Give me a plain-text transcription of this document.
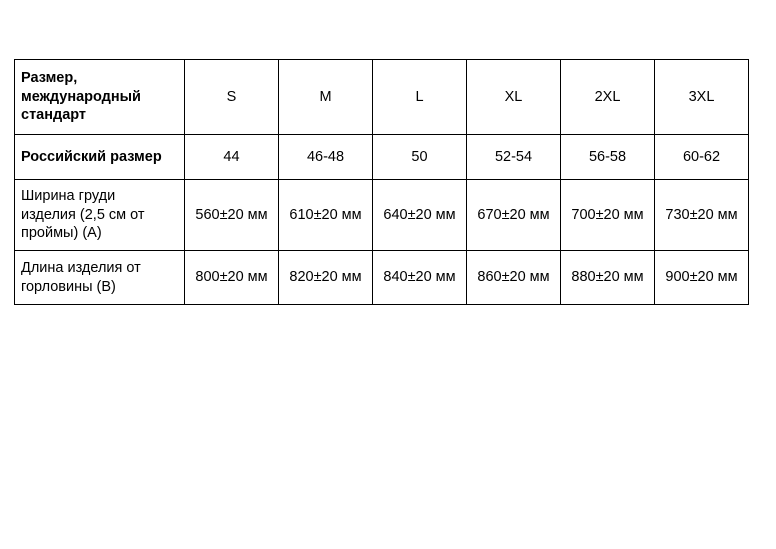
Размер,
международный
стандарт	S	M	L	XL	2XL	3XL
Российский размер	44	46-48	50	52-54	56-58	60-62

Ширина груди
изделия (2,5 см от
проймы) (A)	560±20 мм	610±20 мм	640±20 мм	670±20 мм	700±20 мм	730±20 мм

Длина изделия от
горловины (B)	800±20 мм	820±20 мм	840±20 мм	860±20 мм	880±20 мм	900±20 мм
